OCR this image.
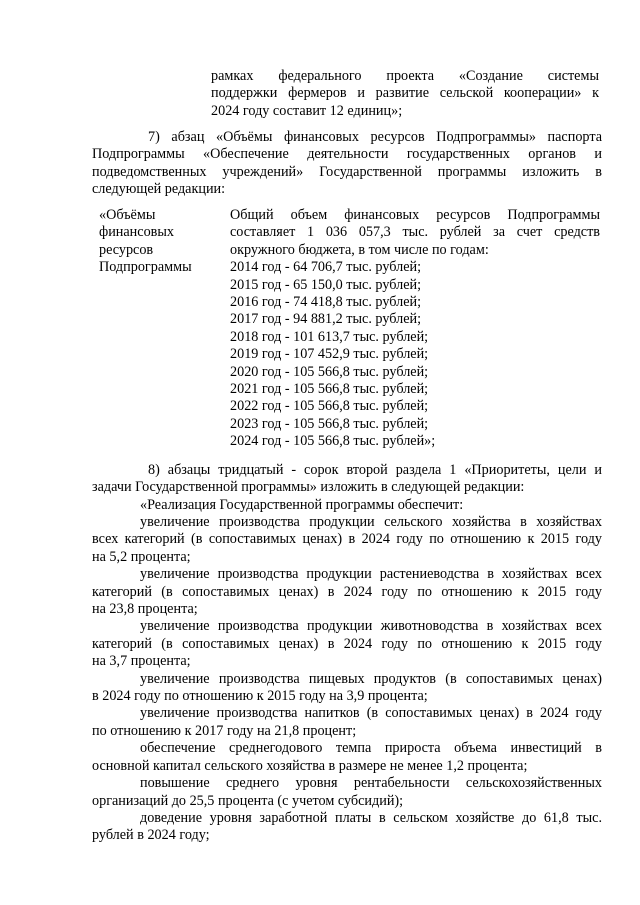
рамках федерального проекта «Создание системы
поддержки фермеров и развитие сельской кооперации» к
2024 году составит 12 единиц»;
7) абзац «Объёмы финансовых ресурсов Подпрограммы» паспорта
Подпрограммы «Обеспечение деятельности государственных органов и
подведомственных учреждений» Государственной программы изложить в
следующей редакции:
«Объёмы
финансовых
ресурсов
Подпрограммы
Общий объем финансовых ресурсов Подпрограммы
составляет 1 036 057,3 тыс. рублей за счет средств
окружного бюджета, в том числе по годам:
2014 год - 64 706,7 тыс. рублей;
2015 год - 65 150,0 тыс. рублей;
2016 год - 74 418,8 тыс. рублей;
2017 год - 94 881,2 тыс. рублей;
2018 год - 101 613,7 тыс. рублей;
2019 год - 107 452,9 тыс. рублей;
2020 год - 105 566,8 тыс. рублей;
2021 год - 105 566,8 тыс. рублей;
2022 год - 105 566,8 тыс. рублей;
2023 год - 105 566,8 тыс. рублей;
2024 год - 105 566,8 тыс. рублей»;
8) абзацы тридцатый - сорок второй раздела 1 «Приоритеты, цели и
задачи Государственной программы» изложить в следующей редакции:
«Реализация Государственной программы обеспечит:
увеличение производства продукции сельского хозяйства в хозяйствах
всех категорий (в сопоставимых ценах) в 2024 году по отношению к 2015 году
на 5,2 процента;
увеличение производства продукции растениеводства в хозяйствах всех
категорий (в сопоставимых ценах) в 2024 году по отношению к 2015 году
на 23,8 процента;
увеличение производства продукции животноводства в хозяйствах всех
категорий (в сопоставимых ценах) в 2024 году по отношению к 2015 году
на 3,7 процента;
увеличение производства пищевых продуктов (в сопоставимых ценах)
в 2024 году по отношению к 2015 году на 3,9 процента;
увеличение производства напитков (в сопоставимых ценах) в 2024 году
по отношению к 2017 году на 21,8 процент;
обеспечение среднегодового темпа прироста объема инвестиций в
основной капитал сельского хозяйства в размере не менее 1,2 процента;
повышение среднего уровня рентабельности сельскохозяйственных
организаций до 25,5 процента (с учетом субсидий);
доведение уровня заработной платы в сельском хозяйстве до 61,8 тыс.
рублей в 2024 году;
